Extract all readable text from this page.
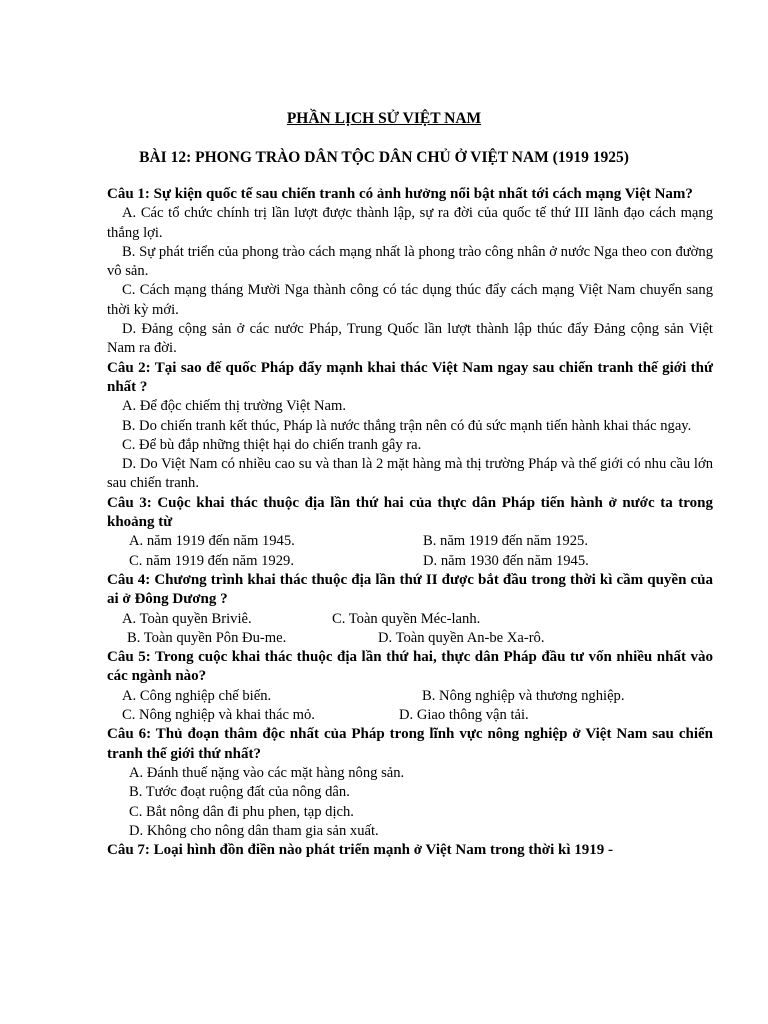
PHẦN LỊCH SỬ VIỆT NAM
BÀI 12: PHONG TRÀO DÂN TỘC DÂN CHỦ Ở VIỆT NAM (1919 1925)
Câu 1: Sự kiện quốc tế sau chiến tranh có ảnh hưởng nổi bật nhất tới cách mạng Việt Nam?
A. Các tổ chức chính trị lần lượt được thành lập, sự ra đời của quốc tế thứ III lãnh đạo cách mạng thắng lợi.
B. Sự phát triển của phong trào cách mạng nhất là phong trào công nhân ở nước Nga theo con đường vô sản.
C. Cách mạng tháng Mười Nga thành công có tác dụng thúc đẩy cách mạng Việt Nam chuyển sang thời kỳ mới.
D. Đảng cộng sản ở các nước Pháp, Trung Quốc lần lượt thành lập thúc đẩy Đảng cộng sản Việt Nam ra đời.
Câu 2: Tại sao đế quốc Pháp đẩy mạnh khai thác Việt Nam ngay sau chiến tranh thế giới thứ nhất ?
A. Để độc chiếm thị trường Việt Nam.
B. Do chiến tranh kết thúc, Pháp là nước thắng trận nên có đủ sức mạnh tiến hành khai thác ngay.
C. Để bù đắp những thiệt hại do chiến tranh gây ra.
D. Do Việt Nam có nhiều cao su và than là 2 mặt hàng mà thị trường Pháp và thế giới có nhu cầu lớn sau chiến tranh.
Câu 3: Cuộc khai thác thuộc địa lần thứ hai của thực dân Pháp tiến hành ở nước ta trong khoảng từ
A. năm 1919 đến năm 1945.	B. năm 1919 đến năm 1925.
C. năm 1919 đến năm 1929.	D. năm 1930 đến năm 1945.
Câu 4: Chương trình khai thác thuộc địa lần thứ II được bắt đầu trong thời kì cầm quyền của ai ở Đông Dương ?
A. Toàn quyền Briviê.	C. Toàn quyền Méc-lanh.
B. Toàn quyền Pôn Đu-me.	D. Toàn quyền An-be Xa-rô.
Câu 5: Trong cuộc khai thác thuộc địa lần thứ hai, thực dân Pháp đầu tư vốn nhiều nhất vào các ngành nào?
A. Công nghiệp chế biến.	B. Nông nghiệp và thương nghiệp.
C. Nông nghiệp và khai thác mỏ.	D. Giao thông vận tải.
Câu 6: Thủ đoạn thâm độc nhất của Pháp trong lĩnh vực nông nghiệp ở Việt Nam sau chiến tranh thế giới thứ nhất?
A. Đánh thuế nặng vào các mặt hàng nông sản.
B. Tước đoạt ruộng đất của nông dân.
C. Bắt nông dân đi phu phen, tạp dịch.
D. Không cho nông dân tham gia sản xuất.
Câu 7: Loại hình đồn điền nào phát triển mạnh ở Việt Nam trong thời kì 1919 -
